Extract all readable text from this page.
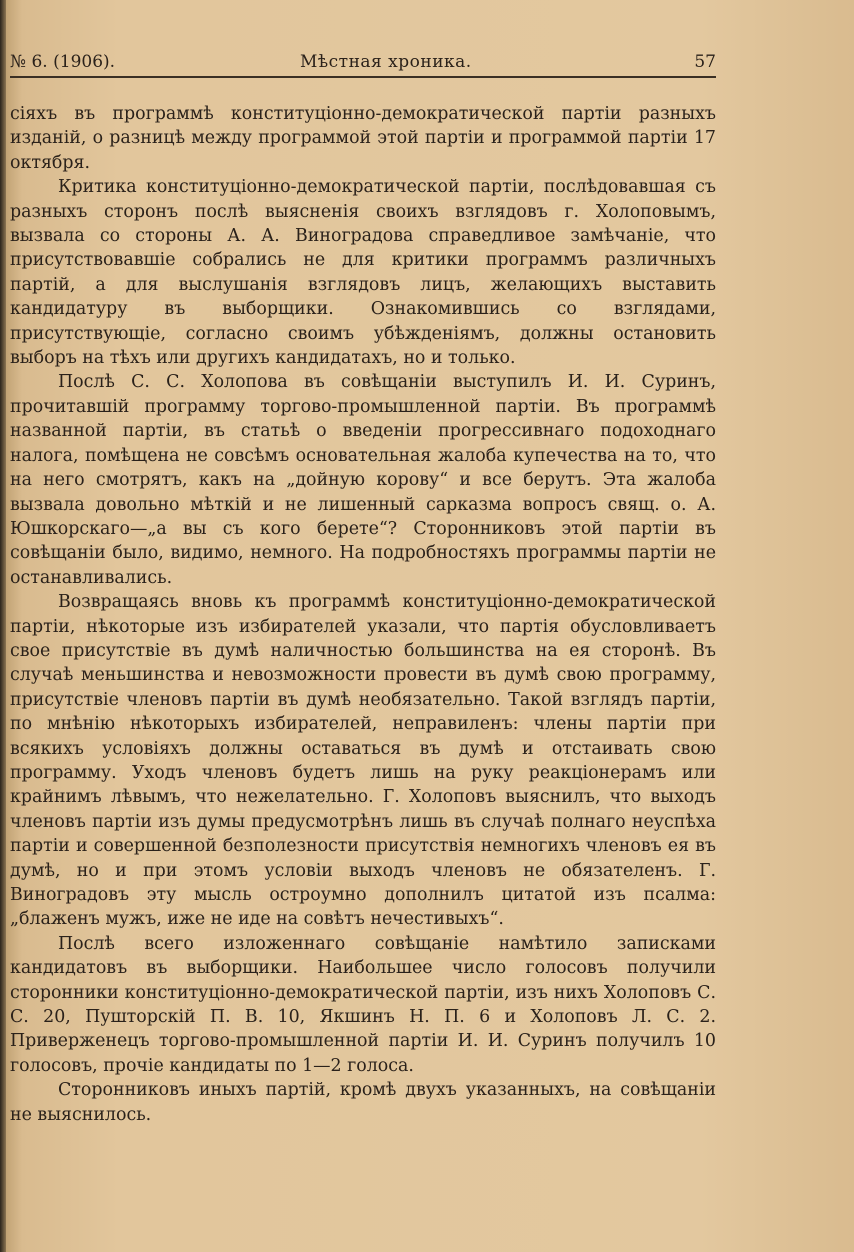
№ 6. (1906).	Мѣстная хроника.	57

сіяхъ въ программѣ конституціонно-демократической партіи разныхъ изданій, о разницѣ между программой этой партіи и программой партіи 17 октября.

Критика конституціонно-демократической партіи, послѣдовавшая съ разныхъ сторонъ послѣ выясненія своихъ взглядовъ г. Холоповымъ, вызвала со стороны А. А. Виноградова справедливое замѣчаніе, что присутствовавшіе собрались не для критики программъ различныхъ партій, а для выслушанія взглядовъ лицъ, желающихъ выставить кандидатуру въ выборщики. Ознакомившись со взглядами, присутствующіе, согласно своимъ убѣжденіямъ, должны остановить выборъ на тѣхъ или другихъ кандидатахъ, но и только.

Послѣ С. С. Холопова въ совѣщаніи выступилъ И. И. Суринъ, прочитавшій программу торгово-промышленной партіи. Въ программѣ названной партіи, въ статьѣ о введеніи прогрессивнаго подоходнаго налога, помѣщена не совсѣмъ основательная жалоба купечества на то, что на него смотрятъ, какъ на „дойную корову“ и все берутъ. Эта жалоба вызвала довольно мѣткій и не лишенный сарказма вопросъ свящ. о. А. Юшкорскаго—„а вы съ кого берете“? Сторонниковъ этой партіи въ совѣщаніи было, видимо, немного. На подробностяхъ программы партіи не останавливались.

Возвращаясь вновь къ программѣ конституціонно-демократической партіи, нѣкоторые изъ избирателей указали, что партія обусловливаетъ свое присутствіе въ думѣ наличностью большинства на ея сторонѣ. Въ случаѣ меньшинства и невозможности провести въ думѣ свою программу, присутствіе членовъ партіи въ думѣ необязательно. Такой взглядъ партіи, по мнѣнію нѣкоторыхъ избирателей, неправиленъ: члены партіи при всякихъ условіяхъ должны оставаться въ думѣ и отстаивать свою программу. Уходъ членовъ будетъ лишь на руку реакціонерамъ или крайнимъ лѣвымъ, что нежелательно. Г. Холоповъ выяснилъ, что выходъ членовъ партіи изъ думы предусмотрѣнъ лишь въ случаѣ полнаго неуспѣха партіи и совершенной безполезности присутствія немногихъ членовъ ея въ думѣ, но и при этомъ условіи выходъ членовъ не обязателенъ. Г. Виноградовъ эту мысль остроумно дополнилъ цитатой изъ псалма: „блаженъ мужъ, иже не иде на совѣтъ нечестивыхъ“.

Послѣ всего изложеннаго совѣщаніе намѣтило записками кандидатовъ въ выборщики. Наибольшее число голосовъ получили сторонники конституціонно-демократической партіи, изъ нихъ Холоповъ С. С. 20, Пушторскій П. В. 10, Якшинъ Н. П. 6 и Холоповъ Л. С. 2. Приверженецъ торгово-промышленной партіи И. И. Суринъ получилъ 10 голосовъ, прочіе кандидаты по 1—2 голоса.

Сторонниковъ иныхъ партій, кромѣ двухъ указанныхъ, на совѣщаніи не выяснилось.
